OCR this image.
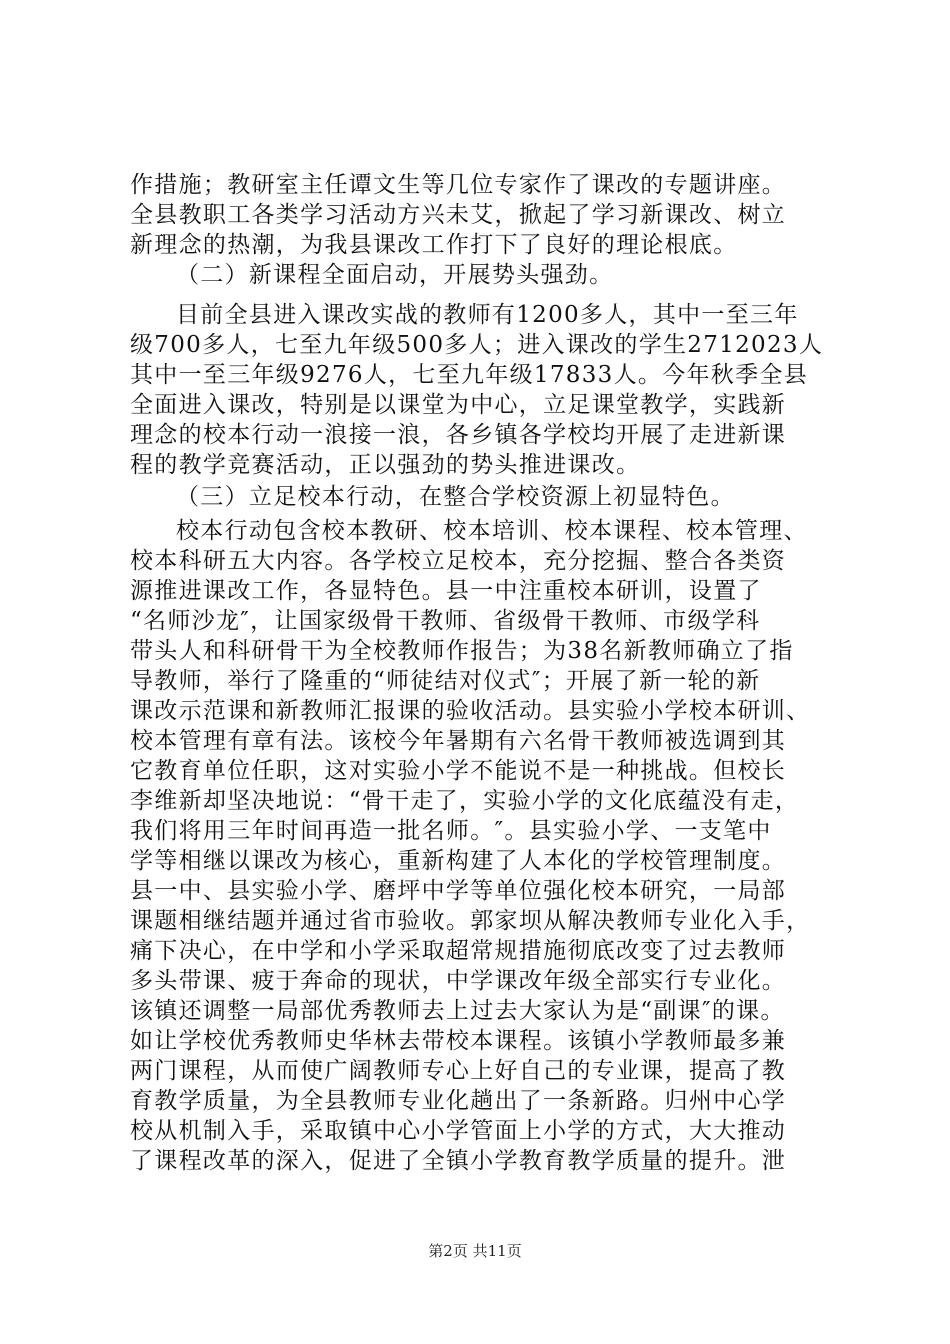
作措施；教研室主任谭文生等几位专家作了课改的专题讲座。
全县教职工各类学习活动方兴未艾，掀起了学习新课改、树立
新理念的热潮，为我县课改工作打下了良好的理论根底。
（二）新课程全面启动，开展势头强劲。
目前全县进入课改实战的教师有1200多人，其中一至三年
级700多人，七至九年级500多人；进入课改的学生2712023人
其中一至三年级9276人，七至九年级17833人。今年秋季全县
全面进入课改，特别是以课堂为中心，立足课堂教学，实践新
理念的校本行动一浪接一浪，各乡镇各学校均开展了走进新课
程的教学竞赛活动，正以强劲的势头推进课改。
（三）立足校本行动，在整合学校资源上初显特色。
校本行动包含校本教研、校本培训、校本课程、校本管理、
校本科研五大内容。各学校立足校本，充分挖掘、整合各类资
源推进课改工作，各显特色。县一中注重校本研训，设置了
“名师沙龙″，让国家级骨干教师、省级骨干教师、市级学科
带头人和科研骨干为全校教师作报告；为38名新教师确立了指
导教师，举行了隆重的“师徒结对仪式″；开展了新一轮的新
课改示范课和新教师汇报课的验收活动。县实验小学校本研训、
校本管理有章有法。该校今年暑期有六名骨干教师被选调到其
它教育单位任职，这对实验小学不能说不是一种挑战。但校长
李维新却坚决地说：“骨干走了，实验小学的文化底蕴没有走，
我们将用三年时间再造一批名师。″。县实验小学、一支笔中
学等相继以课改为核心，重新构建了人本化的学校管理制度。
县一中、县实验小学、磨坪中学等单位强化校本研究，一局部
课题相继结题并通过省市验收。郭家坝从解决教师专业化入手，
痛下决心，在中学和小学采取超常规措施彻底改变了过去教师
多头带课、疲于奔命的现状，中学课改年级全部实行专业化。
该镇还调整一局部优秀教师去上过去大家认为是“副课″的课。
如让学校优秀教师史华林去带校本课程。该镇小学教师最多兼
两门课程，从而使广阔教师专心上好自己的专业课，提高了教
育教学质量，为全县教师专业化趟出了一条新路。归州中心学
校从机制入手，采取镇中心小学管面上小学的方式，大大推动
了课程改革的深入，促进了全镇小学教育教学质量的提升。泄
第2页 共11页
